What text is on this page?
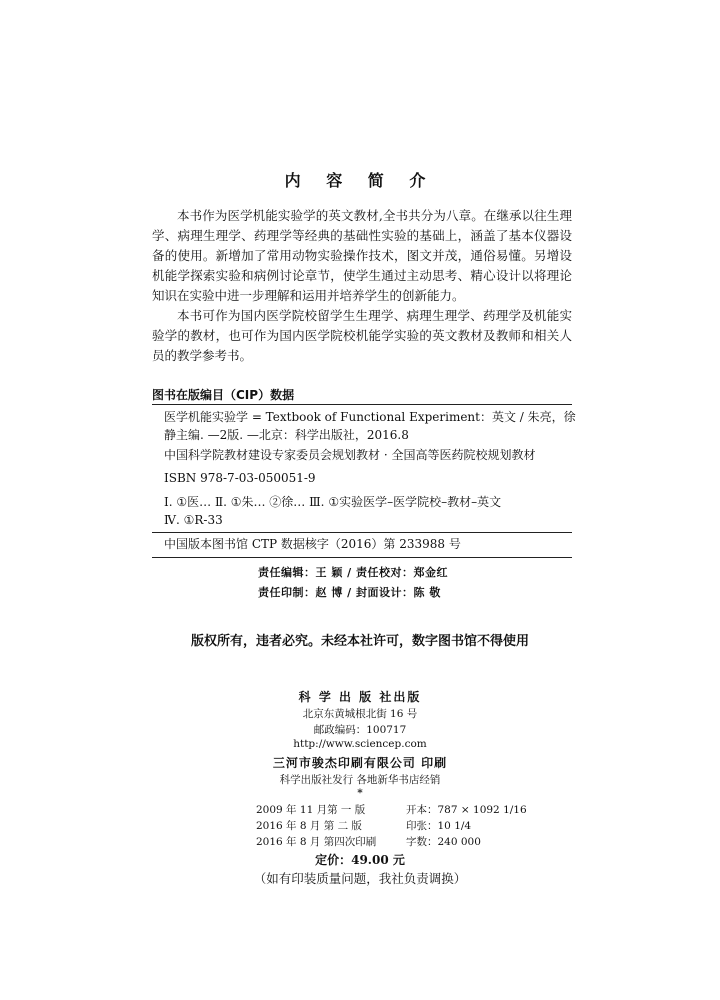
内 容 简 介

本书作为医学机能实验学的英文教材,全书共分为八章。在继承以往生理学、病理生理学、药理学等经典的基础性实验的基础上，涵盖了基本仪器设备的使用。新增加了常用动物实验操作技术，图文并茂，通俗易懂。另增设机能学探索实验和病例讨论章节，使学生通过主动思考、精心设计以将理论知识在实验中进一步理解和运用并培养学生的创新能力。

本书可作为国内医学院校留学生生理学、病理生理学、药理学及机能实验学的教材，也可作为国内医学院校机能学实验的英文教材及教师和相关人员的教学参考书。

图书在版编目（CIP）数据
医学机能实验学 = Textbook of Functional Experiment：英文 / 朱亮，徐
静主编. —2版. —北京：科学出版社，2016.8
中国科学院教材建设专家委员会规划教材 · 全国高等医药院校规划教材
ISBN 978-7-03-050051-9
Ⅰ. ①医… Ⅱ. ①朱… ②徐… Ⅲ. ①实验医学–医学院校–教材–英文
Ⅳ. ①R-33
中国版本图书馆 CTP 数据核字（2016）第 233988 号
责任编辑：王 颖 / 责任校对：郑金红
责任印制：赵 博 / 封面设计：陈 敬
版权所有，违者必究。未经本社许可，数字图书馆不得使用
科 学 出 版 社出版
北京东黄城根北街 16 号
邮政编码：100717
http://www.sciencep.com
三河市骏杰印刷有限公司 印刷
科学出版社发行 各地新华书店经销
*
2009 年 11 月第 一 版	开本：787 × 1092 1/16
2016 年 8 月 第 二 版	印张：10 1/4
2016 年 8 月 第四次印刷	字数：240 000
定价：49.00 元
（如有印装质量问题，我社负责调换）
